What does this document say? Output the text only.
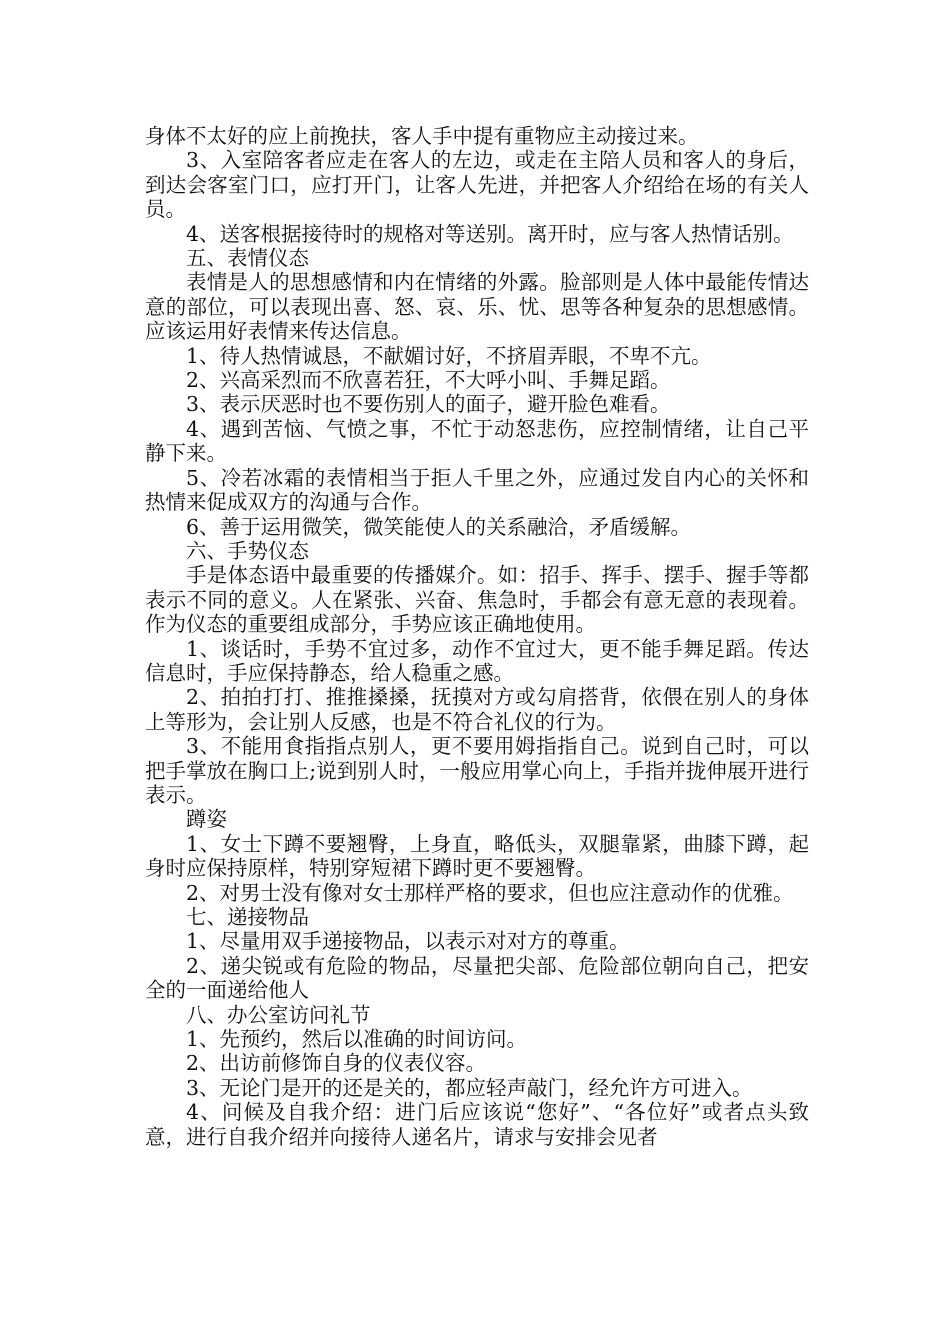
身体不太好的应上前挽扶，客人手中提有重物应主动接过来。

3、入室陪客者应走在客人的左边，或走在主陪人员和客人的身后，到达会客室门口，应打开门，让客人先进，并把客人介绍给在场的有关人员。

4、送客根据接待时的规格对等送别。离开时，应与客人热情话别。

五、表情仪态

表情是人的思想感情和内在情绪的外露。脸部则是人体中最能传情达意的部位，可以表现出喜、怒、哀、乐、忧、思等各种复杂的思想感情。应该运用好表情来传达信息。

1、待人热情诚恳，不献媚讨好，不挤眉弄眼，不卑不亢。

2、兴高采烈而不欣喜若狂，不大呼小叫、手舞足蹈。

3、表示厌恶时也不要伤别人的面子，避开脸色难看。

4、遇到苦恼、气愤之事，不忙于动怒悲伤，应控制情绪，让自己平静下来。

5、冷若冰霜的表情相当于拒人千里之外，应通过发自内心的关怀和热情来促成双方的沟通与合作。

6、善于运用微笑，微笑能使人的关系融洽，矛盾缓解。

六、手势仪态

手是体态语中最重要的传播媒介。如：招手、挥手、摆手、握手等都表示不同的意义。人在紧张、兴奋、焦急时，手都会有意无意的表现着。作为仪态的重要组成部分，手势应该正确地使用。

1、谈话时，手势不宜过多，动作不宜过大，更不能手舞足蹈。传达信息时，手应保持静态，给人稳重之感。

2、拍拍打打、推推搡搡，抚摸对方或勾肩搭背，依偎在别人的身体上等形为，会让别人反感，也是不符合礼仪的行为。

3、不能用食指指点别人，更不要用姆指指自己。说到自己时，可以把手掌放在胸口上;说到别人时，一般应用掌心向上，手指并拢伸展开进行表示。

蹲姿

1、女士下蹲不要翘臀，上身直，略低头，双腿靠紧，曲膝下蹲，起身时应保持原样，特别穿短裙下蹲时更不要翘臀。

2、对男士没有像对女士那样严格的要求，但也应注意动作的优雅。

七、递接物品

1、尽量用双手递接物品，以表示对对方的尊重。

2、递尖锐或有危险的物品，尽量把尖部、危险部位朝向自己，把安全的一面递给他人

八、办公室访问礼节

1、先预约，然后以准确的时间访问。

2、出访前修饰自身的仪表仪容。

3、无论门是开的还是关的，都应轻声敲门，经允许方可进入。

4、问候及自我介绍：进门后应该说“您好”、“各位好”或者点头致意，进行自我介绍并向接待人递名片，请求与安排会见者
